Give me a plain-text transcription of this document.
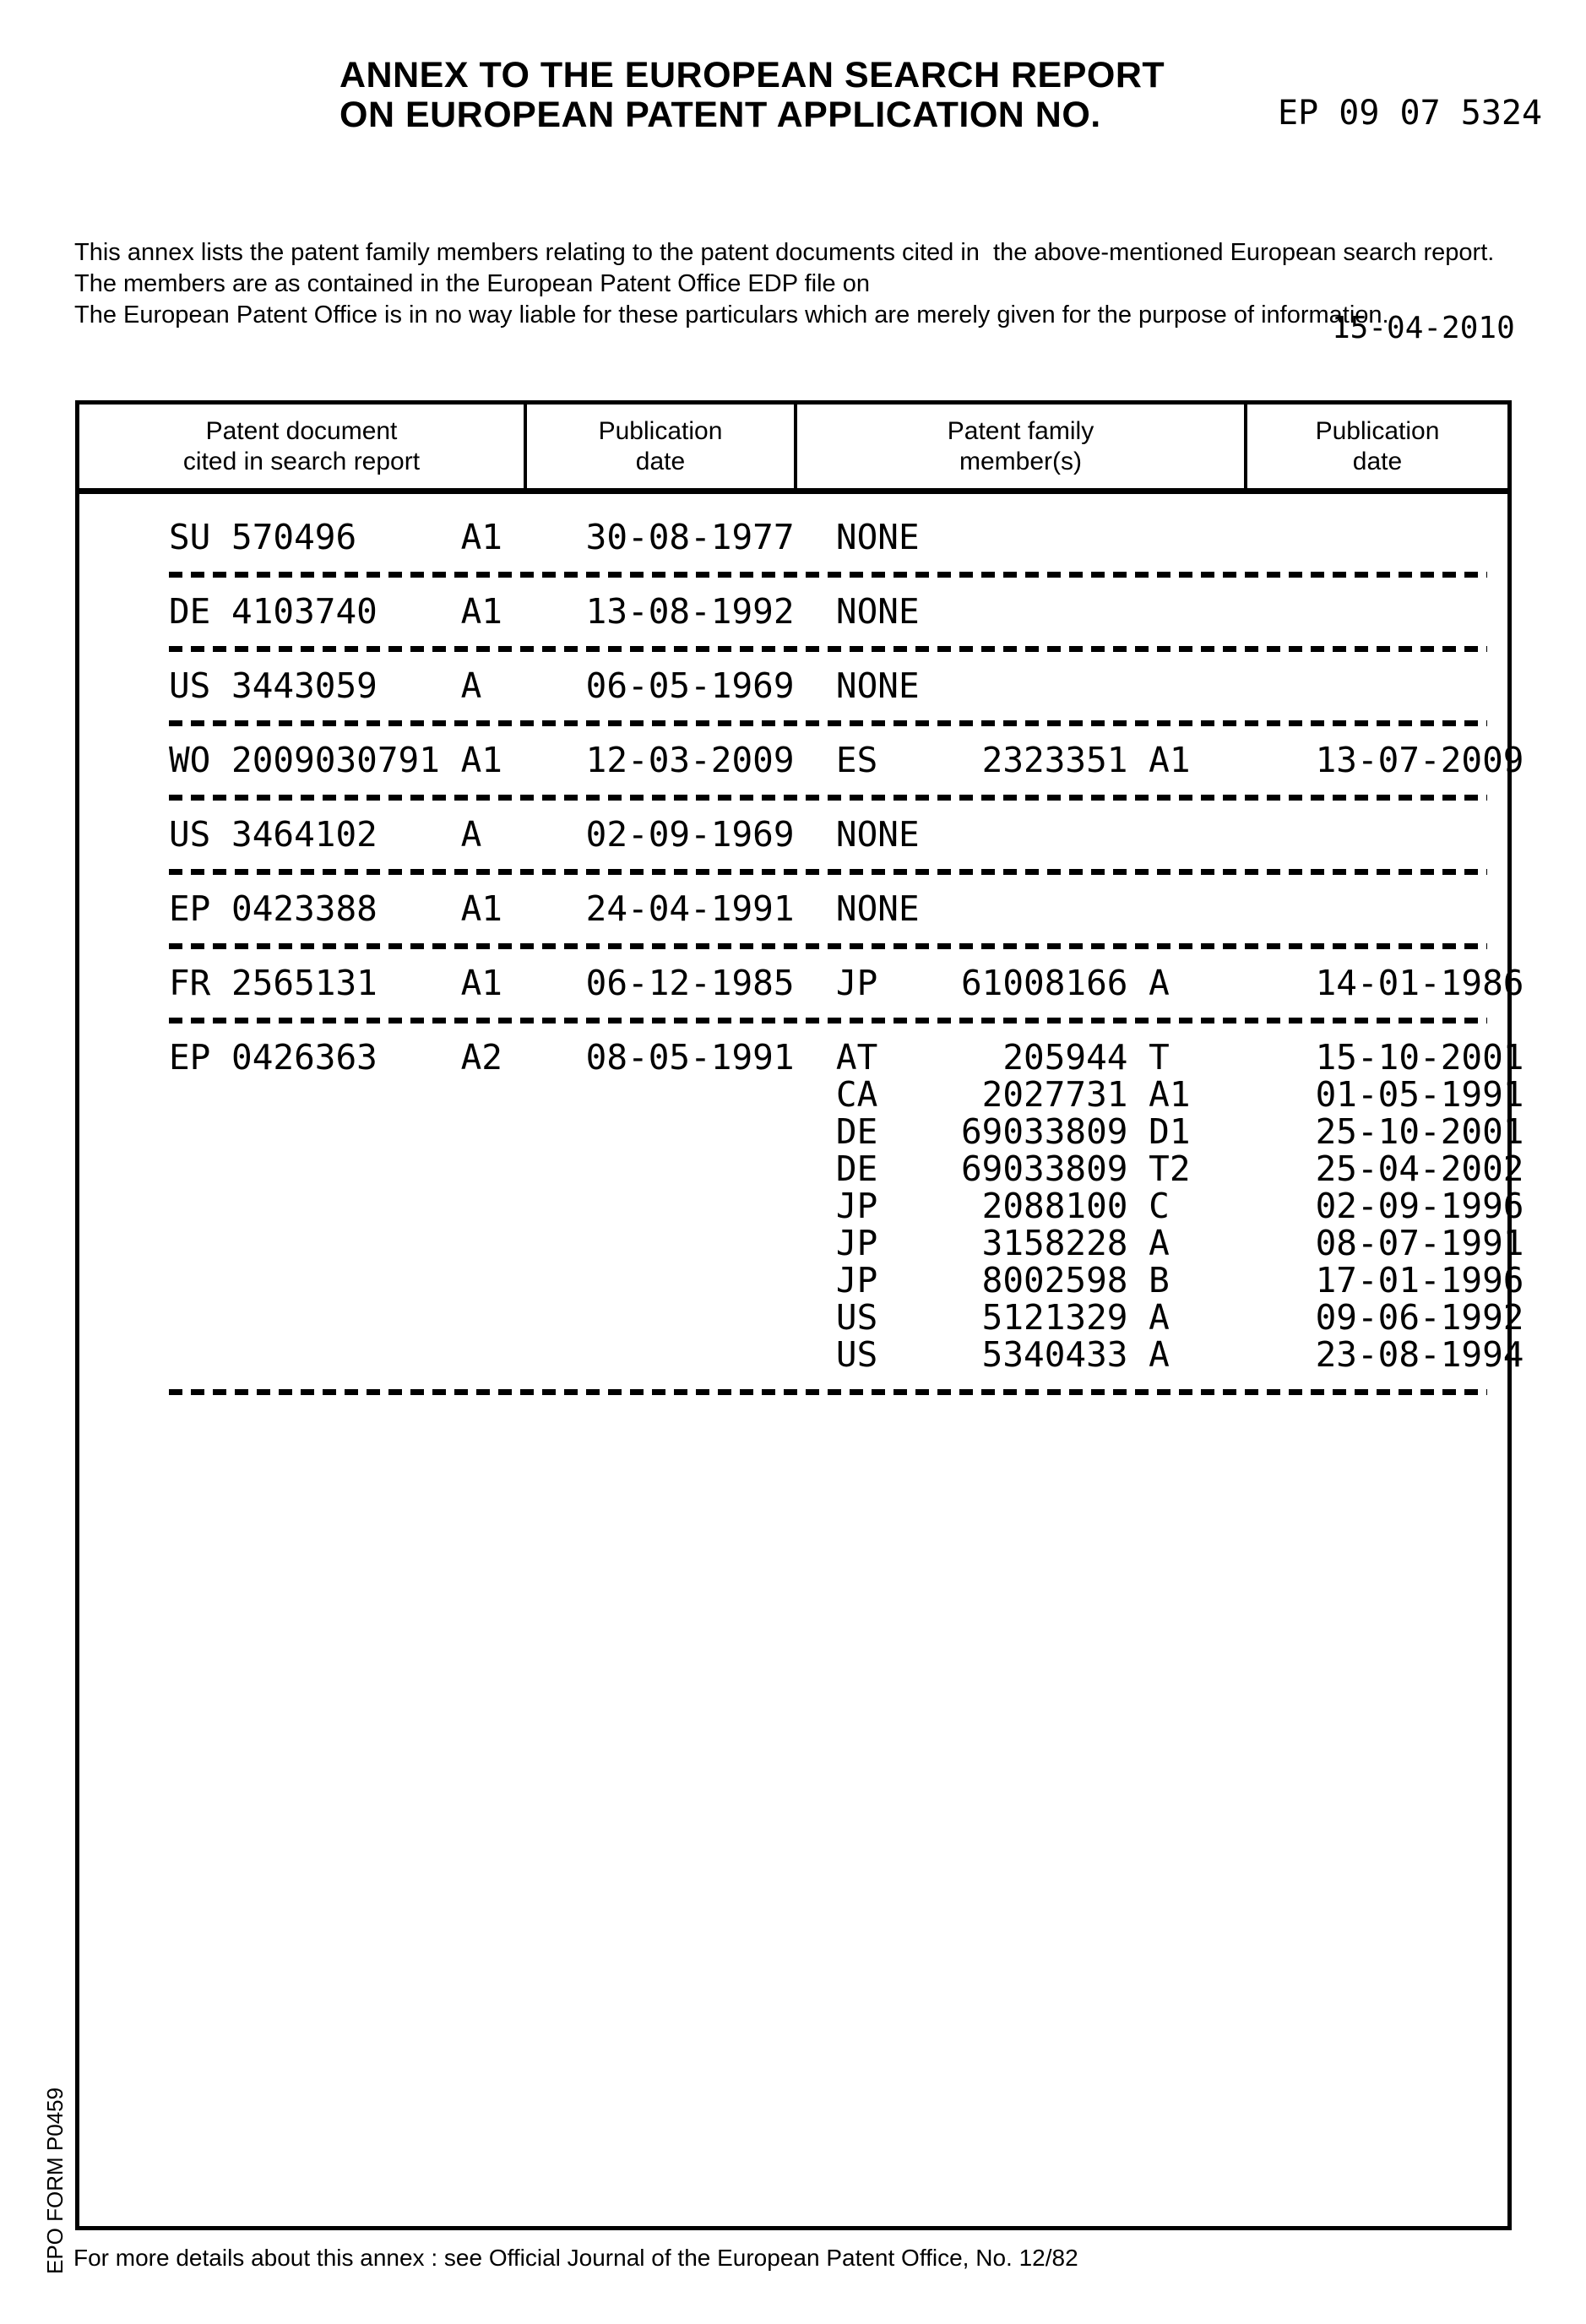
ANNEX TO THE EUROPEAN SEARCH REPORT
ON EUROPEAN PATENT APPLICATION NO.	EP 09 07 5324
This annex lists the patent family members relating to the patent documents cited in  the above-mentioned European search report.
The members are as contained in the European Patent Office EDP file on
The European Patent Office is in no way liable for these particulars which are merely given for the purpose of information.
15-04-2010
Patent document
cited in search report
Publication
date
Patent family
member(s)
Publication
date
SU 570496     A1    30-08-1977  NONE
DE 4103740    A1    13-08-1992  NONE
US 3443059    A     06-05-1969  NONE
WO 2009030791 A1    12-03-2009  ES     2323351 A1      13-07-2009
US 3464102    A     02-09-1969  NONE
EP 0423388    A1    24-04-1991  NONE
FR 2565131    A1    06-12-1985  JP    61008166 A       14-01-1986
EP 0426363    A2    08-05-1991  AT      205944 T       15-10-2001
CA     2027731 A1      01-05-1991
DE    69033809 D1      25-10-2001
DE    69033809 T2      25-04-2002
JP     2088100 C       02-09-1996
JP     3158228 A       08-07-1991
JP     8002598 B       17-01-1996
US     5121329 A       09-06-1992
US     5340433 A       23-08-1994
EPO FORM P0459 For more details about this annex : see Official Journal of the European Patent Office, No. 12/82
